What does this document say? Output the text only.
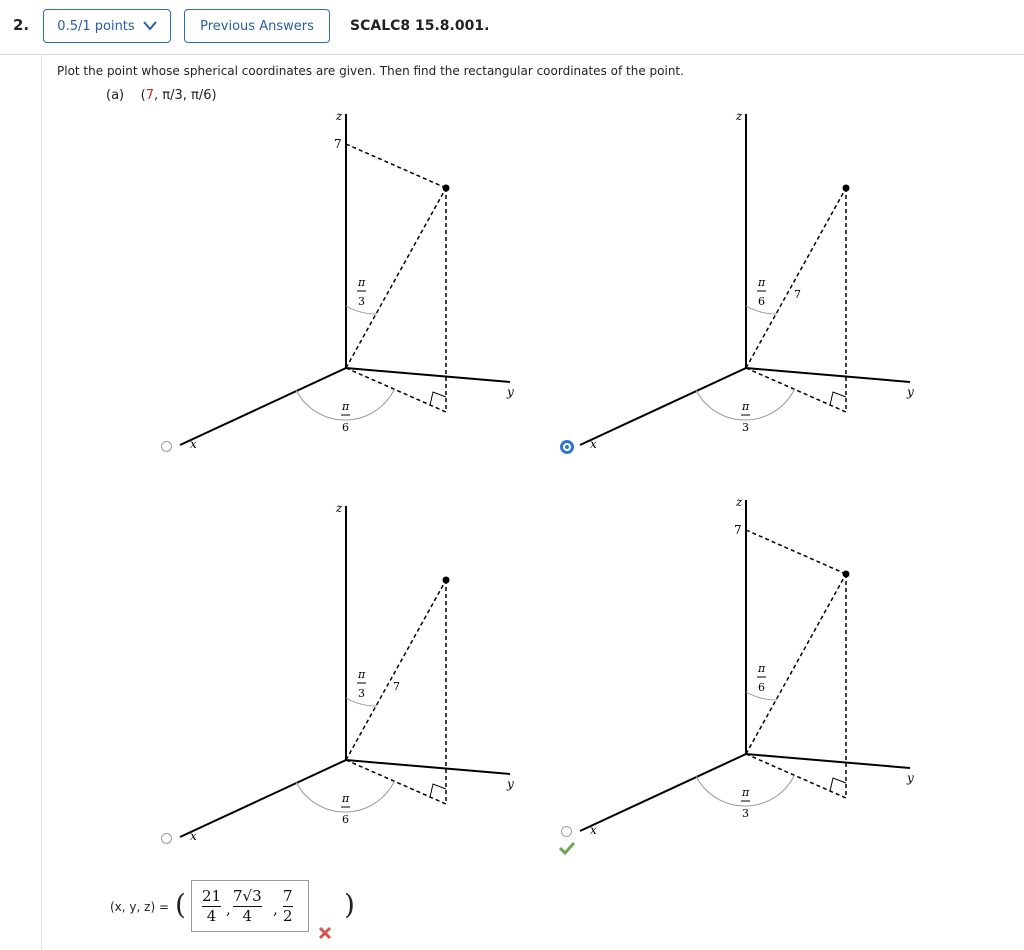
2. 0.5/1 points	Previous Answers	SCALC8 15.8.001.
Plot the point whose spherical coordinates are given. Then find the rectangular coordinates of the point.
(a) (7, π/3, π/6)
z
7
y
x
π
3
π
6
z
y
x
7
π
6
π
3
z
y
x
7
π
3
π
6
z
7
y
x
π
6
π
3
(x, y, z) = ( 21
4 ,
7√3
4	,
7
2 )
